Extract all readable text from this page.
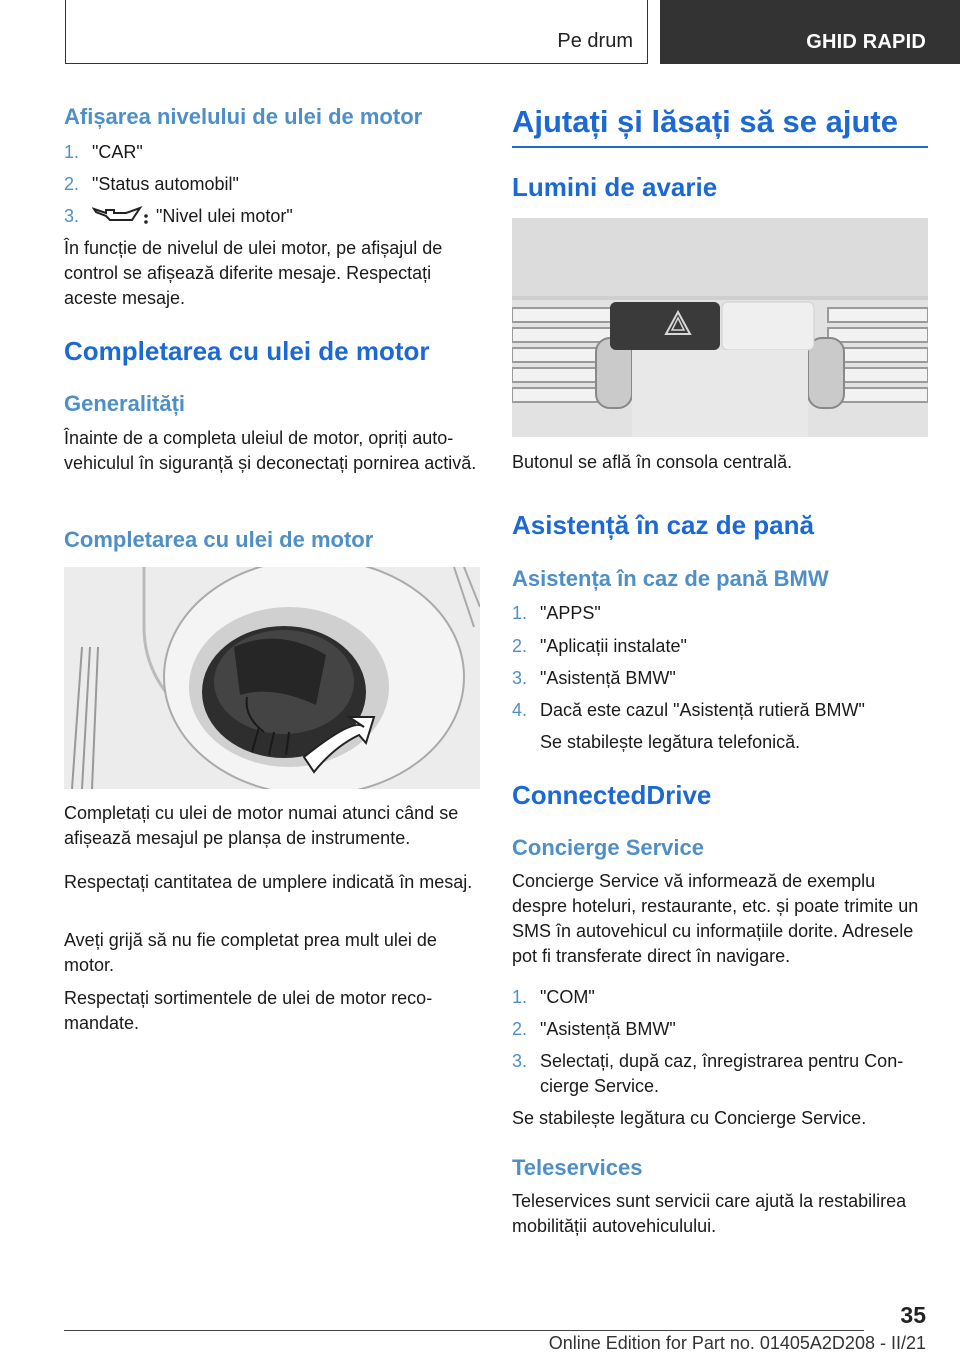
Pe drum	GHID RAPID
Afișarea nivelului de ulei de motor
1. "CAR"
2. "Status automobil"
3.	"Nivel ulei motor"

În funcție de nivelul de ulei motor, pe afișajul de control se afișează diferite mesaje. Respectați aceste mesaje.

Completarea cu ulei de motor
Generalități

Înainte de a completa uleiul de motor, opriți autovehiculul în siguranță și deconectați pornirea activă.

Completarea cu ulei de motor

Completați cu ulei de motor numai atunci când se afișează mesajul pe planșa de instrumente.

Respectați cantitatea de umplere indicată în mesaj.

Aveți grijă să nu fie completat prea mult ulei de motor.

Respectați sortimentele de ulei de motor recomandate.

Ajutați și lăsați să se ajute
Lumini de avarie

Butonul se află în consola centrală.

Asistență în caz de pană
Asistența în caz de pană BMW
1. "APPS"
2. "Aplicații instalate"
3. "Asistență BMW"
4. Dacă este cazul "Asistență rutieră BMW"
Se stabilește legătura telefonică.
ConnectedDrive
Concierge Service

Concierge Service vă informează de exemplu despre hoteluri, restaurante, etc. și poate trimite un SMS în autovehicul cu informațiile dorite. Adresele pot fi transferate direct în navigare.

1. "COM"
2. "Asistență BMW"
3. Selectați, după caz, înregistrarea pentru Concierge Service.

Se stabilește legătura cu Concierge Service.

Teleservices

Teleservices sunt servicii care ajută la restabilirea mobilității autovehiculului.

35
Online Edition for Part no. 01405A2D208 - II/21
